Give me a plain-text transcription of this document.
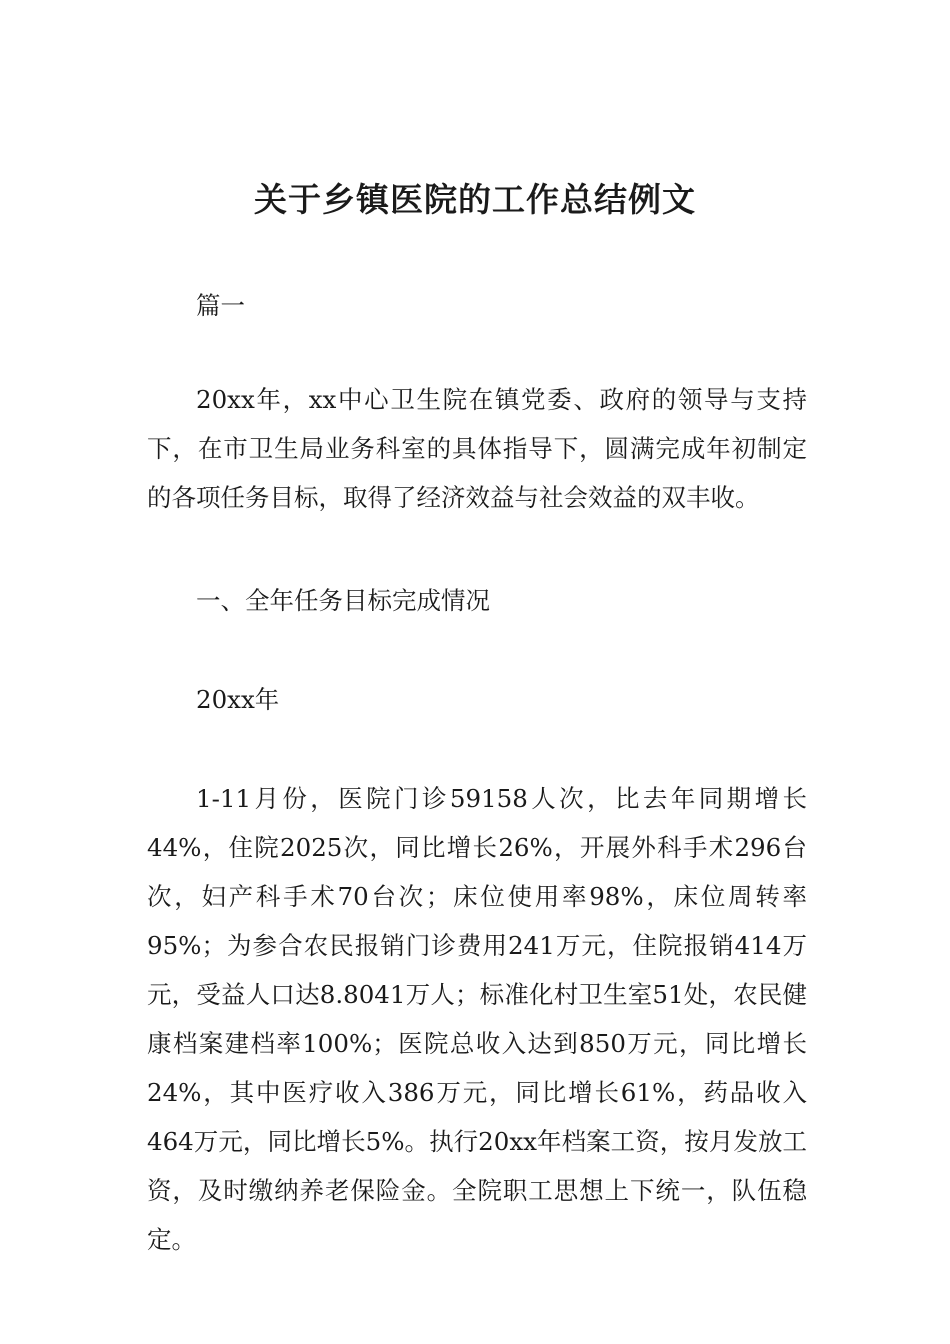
关于乡镇医院的工作总结例文

篇一

20xx年，xx中心卫生院在镇党委、政府的领导与支持下，在市卫生局业务科室的具体指导下，圆满完成年初制定的各项任务目标，取得了经济效益与社会效益的双丰收。

一、全年任务目标完成情况

20xx年

1-11月份，医院门诊59158人次，比去年同期增长44%，住院2025次，同比增长26%，开展外科手术296台次，妇产科手术70台次；床位使用率98%，床位周转率95%；为参合农民报销门诊费用241万元，住院报销414万元，受益人口达8.8041万人；标准化村卫生室51处，农民健康档案建档率100%；医院总收入达到850万元，同比增长24%，其中医疗收入386万元，同比增长61%，药品收入464万元，同比增长5%。执行20xx年档案工资，按月发放工资，及时缴纳养老保险金。全院职工思想上下统一，队伍稳定。
